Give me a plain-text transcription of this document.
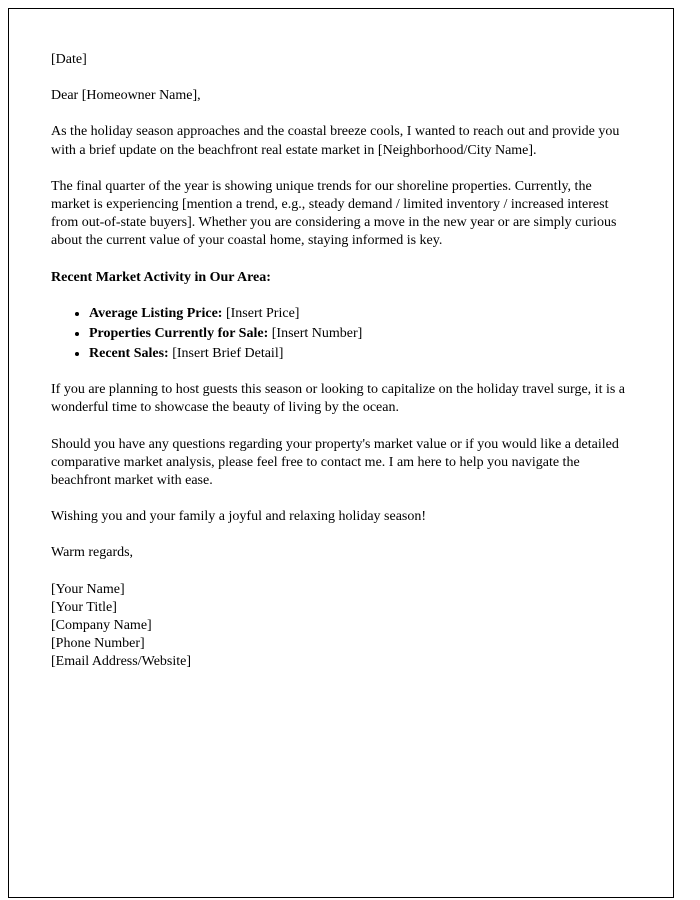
[Date]

Dear [Homeowner Name],

As the holiday season approaches and the coastal breeze cools, I wanted to reach out and provide you with a brief update on the beachfront real estate market in [Neighborhood/City Name].

The final quarter of the year is showing unique trends for our shoreline properties. Currently, the market is experiencing [mention a trend, e.g., steady demand / limited inventory / increased interest from out-of-state buyers]. Whether you are considering a move in the new year or are simply curious about the current value of your coastal home, staying informed is key.

Recent Market Activity in Our Area:

• Average Listing Price: [Insert Price]
• Properties Currently for Sale: [Insert Number]
• Recent Sales: [Insert Brief Detail]

If you are planning to host guests this season or looking to capitalize on the holiday travel surge, it is a wonderful time to showcase the beauty of living by the ocean.

Should you have any questions regarding your property's market value or if you would like a detailed comparative market analysis, please feel free to contact me. I am here to help you navigate the beachfront market with ease.

Wishing you and your family a joyful and relaxing holiday season!

Warm regards,

[Your Name]
[Your Title]
[Company Name]
[Phone Number]
[Email Address/Website]
